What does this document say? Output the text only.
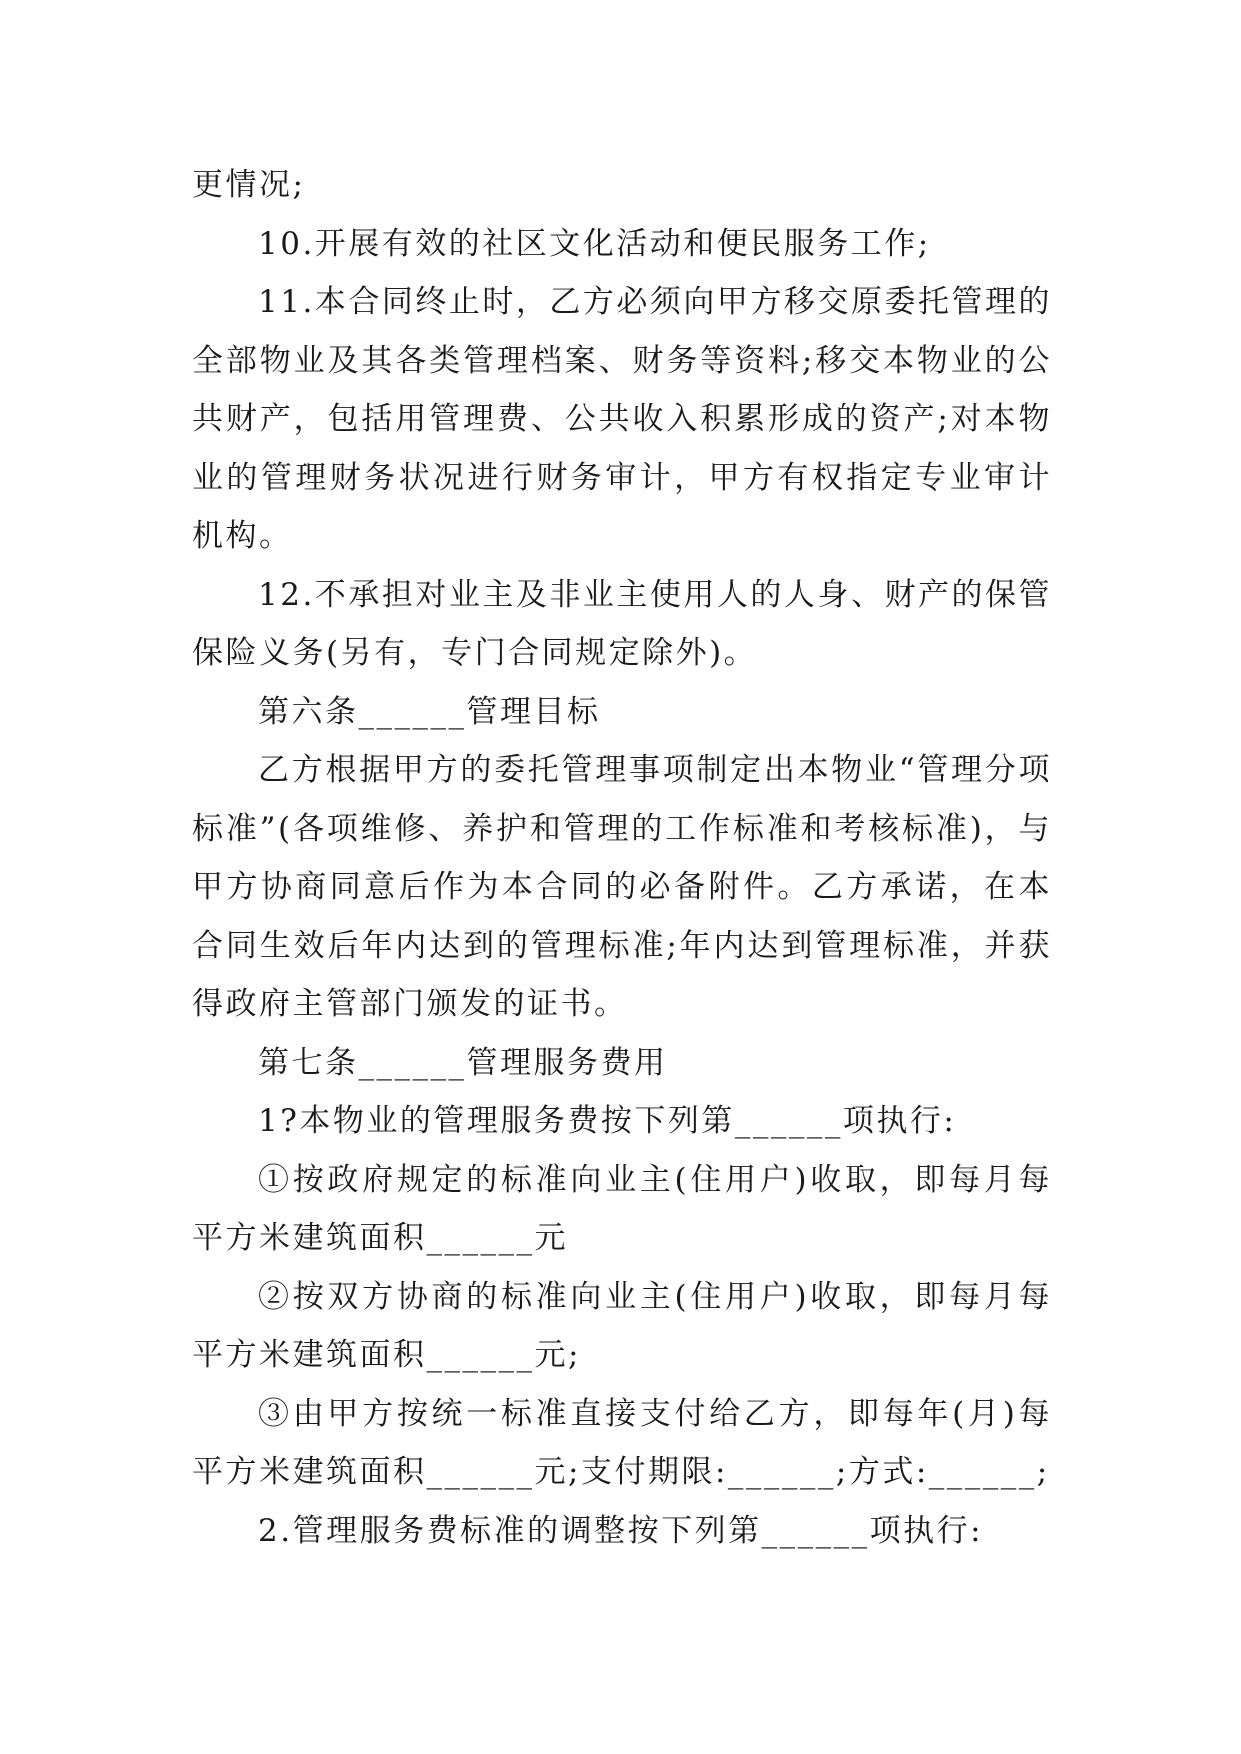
更情况;

10.开展有效的社区文化活动和便民服务工作;

11.本合同终止时，乙方必须向甲方移交原委托管理的全部物业及其各类管理档案、财务等资料;移交本物业的公共财产，包括用管理费、公共收入积累形成的资产;对本物业的管理财务状况进行财务审计，甲方有权指定专业审计机构。

12.不承担对业主及非业主使用人的人身、财产的保管保险义务(另有，专门合同规定除外)。

第六条______管理目标

乙方根据甲方的委托管理事项制定出本物业“管理分项标准”(各项维修、养护和管理的工作标准和考核标准)，与甲方协商同意后作为本合同的必备附件。乙方承诺，在本合同生效后年内达到的管理标准;年内达到管理标准，并获得政府主管部门颁发的证书。

第七条______管理服务费用

1?本物业的管理服务费按下列第______项执行:

①按政府规定的标准向业主(住用户)收取，即每月每平方米建筑面积______元

②按双方协商的标准向业主(住用户)收取，即每月每平方米建筑面积______元;

③由甲方按统一标准直接支付给乙方，即每年(月)每平方米建筑面积______元;支付期限:______;方式:______;

2.管理服务费标准的调整按下列第______项执行:
